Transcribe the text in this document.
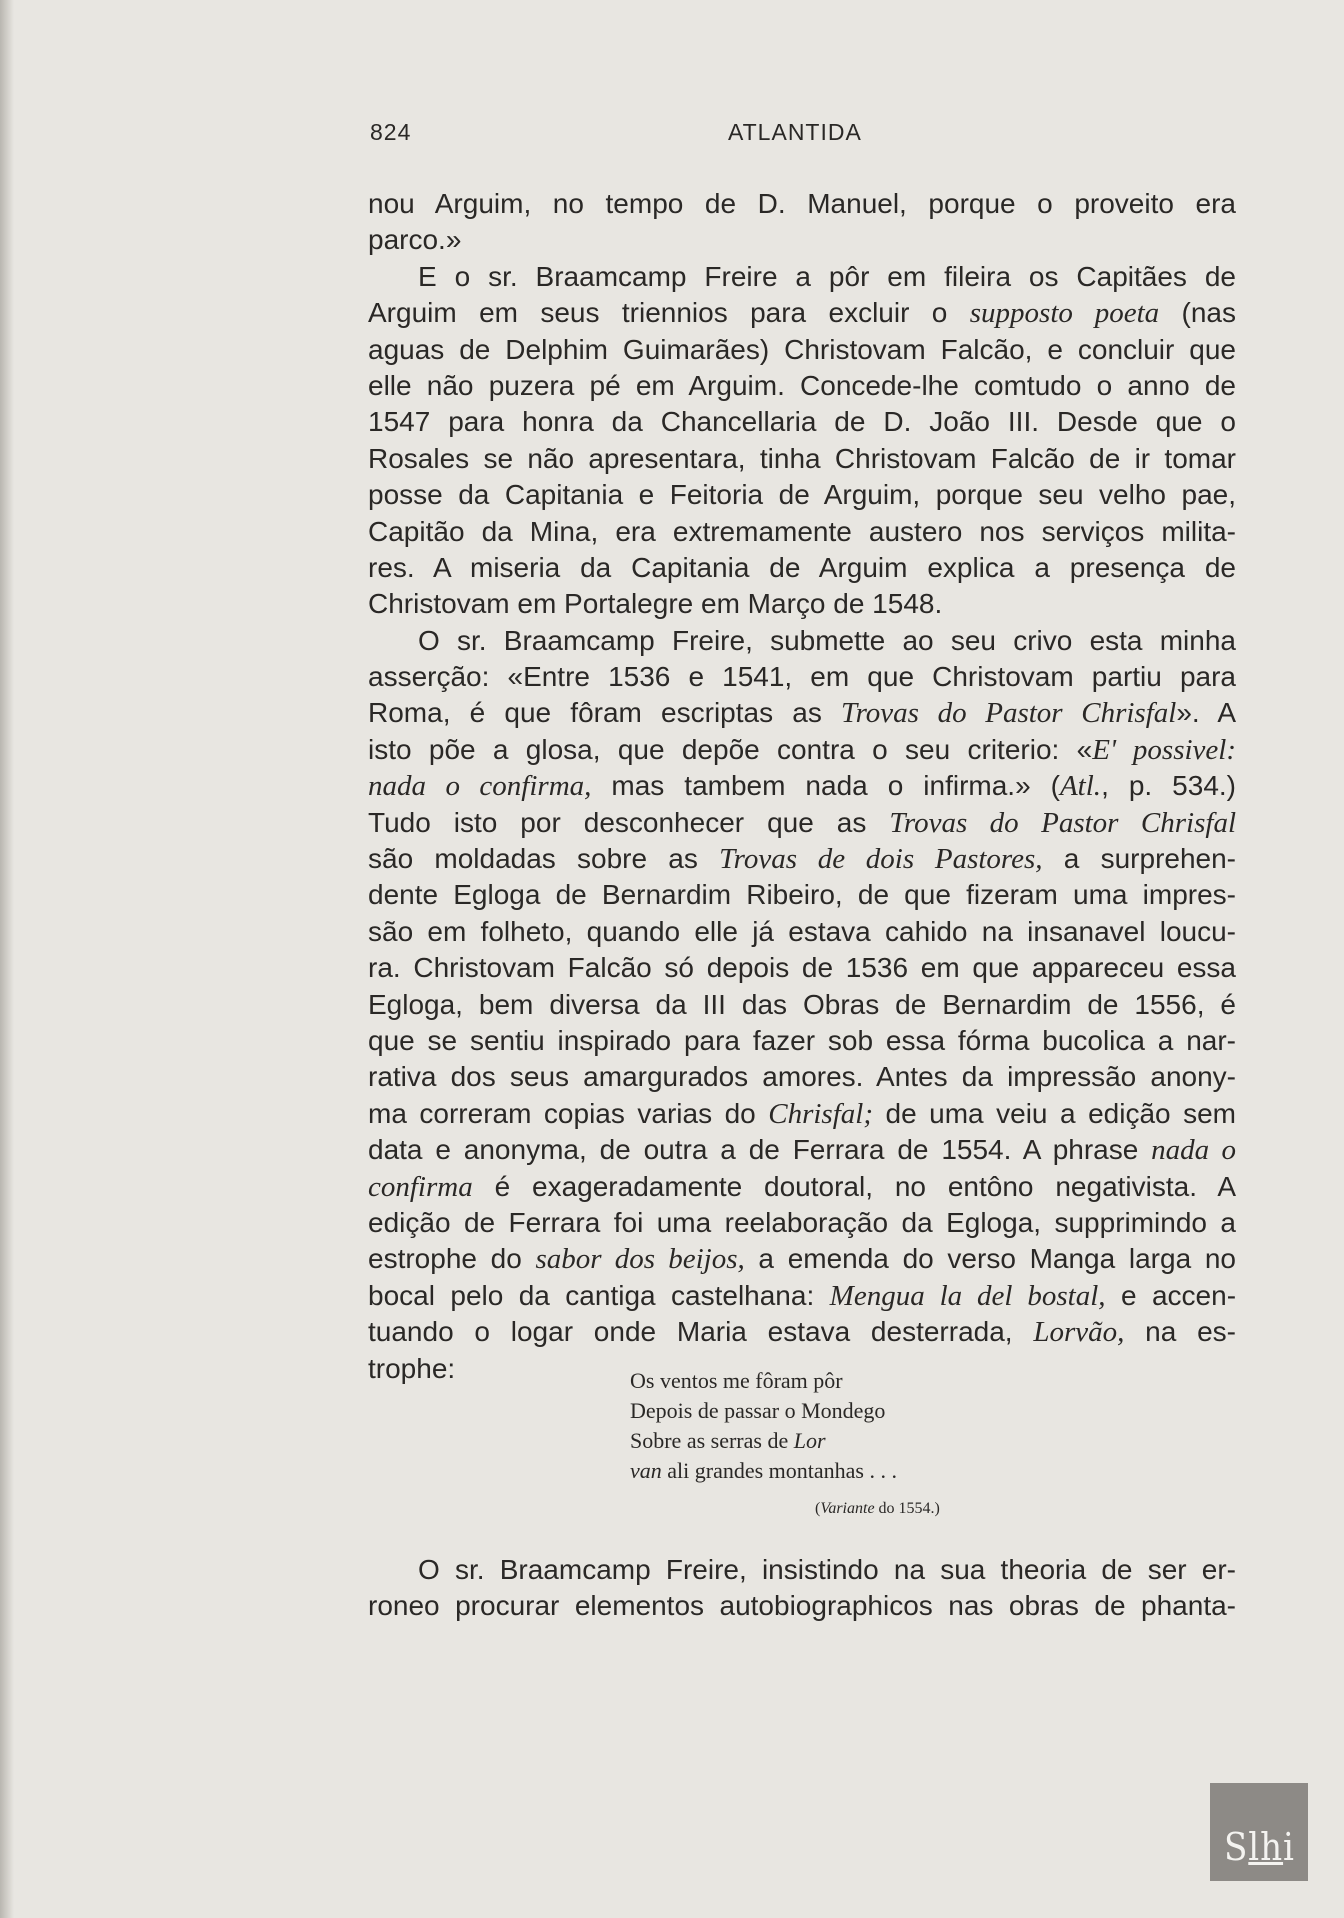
824	ATLANTIDA
nou Arguim, no tempo de D. Manuel, porque o proveito era
parco.»
E o sr. Braamcamp Freire a pôr em fileira os Capitães de
Arguim em seus triennios para excluir o supposto poeta (nas
aguas de Delphim Guimarães) Christovam Falcão, e concluir que
elle não puzera pé em Arguim. Concede-lhe comtudo o anno de
1547 para honra da Chancellaria de D. João III. Desde que o
Rosales se não apresentara, tinha Christovam Falcão de ir tomar
posse da Capitania e Feitoria de Arguim, porque seu velho pae,
Capitão da Mina, era extremamente austero nos serviços milita-
res. A miseria da Capitania de Arguim explica a presença de
Christovam em Portalegre em Março de 1548.
O sr. Braamcamp Freire, submette ao seu crivo esta minha
asserção: «Entre 1536 e 1541, em que Christovam partiu para
Roma, é que fôram escriptas as Trovas do Pastor Chrisfal». A
isto põe a glosa, que depõe contra o seu criterio: «E' possivel:
nada o confirma, mas tambem nada o infirma.» (Atl., p. 534.)
Tudo isto por desconhecer que as Trovas do Pastor Chrisfal
são moldadas sobre as Trovas de dois Pastores, a surprehen-
dente Egloga de Bernardim Ribeiro, de que fizeram uma impres-
são em folheto, quando elle já estava cahido na insanavel loucu-
ra. Christovam Falcão só depois de 1536 em que appareceu essa
Egloga, bem diversa da III das Obras de Bernardim de 1556, é
que se sentiu inspirado para fazer sob essa fórma bucolica a nar-
rativa dos seus amargurados amores. Antes da impressão anony-
ma correram copias varias do Chrisfal; de uma veiu a edição sem
data e anonyma, de outra a de Ferrara de 1554. A phrase nada o
confirma é exageradamente doutoral, no entôno negativista. A
edição de Ferrara foi uma reelaboração da Egloga, supprimindo a
estrophe do sabor dos beijos, a emenda do verso Manga larga no
bocal pelo da cantiga castelhana: Mengua la del bostal, e accen-
tuando o logar onde Maria estava desterrada, Lorvão, na es-
trophe:	Os ventos me fôram pôr
Depois de passar o Mondego
Sobre as serras de Lor
van ali grandes montanhas . . .
(Variante do 1554.)
O sr. Braamcamp Freire, insistindo na sua theoria de ser er-
roneo procurar elementos autobiographicos nas obras de phanta-
Slhi
